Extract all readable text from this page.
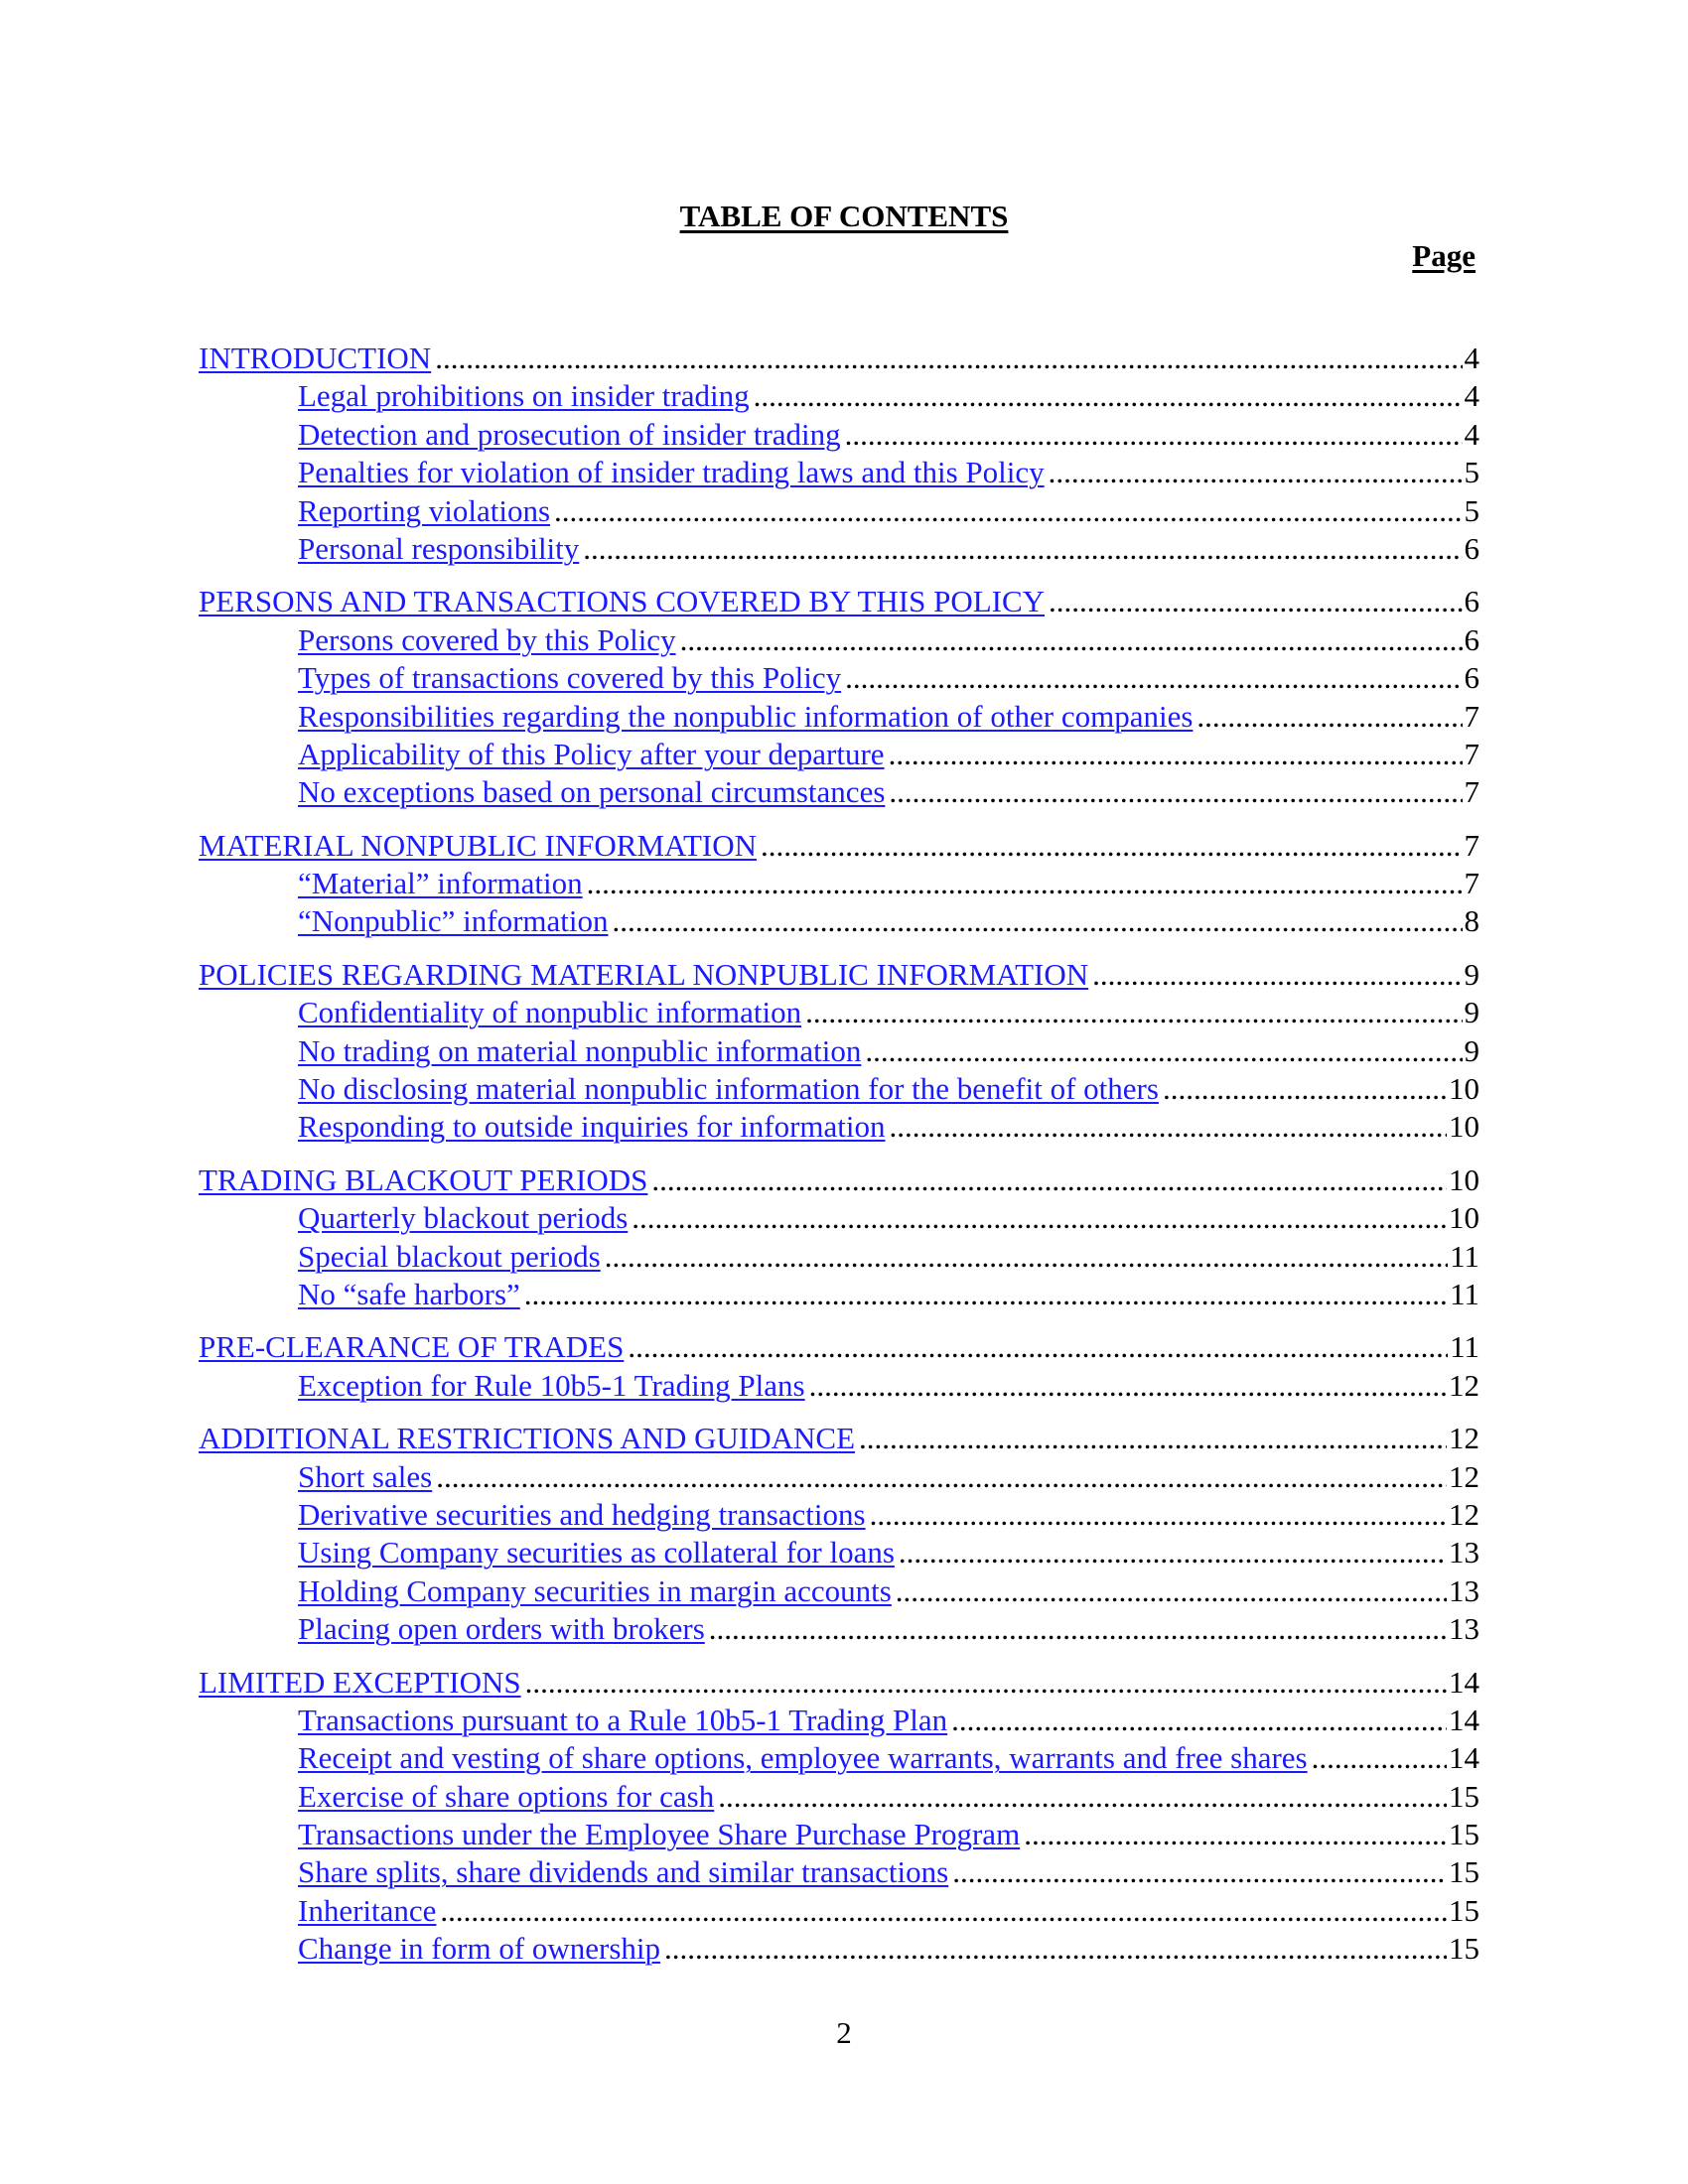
TABLE OF CONTENTS
Page
INTRODUCTION .....	4
Legal prohibitions on insider trading .....	4
Detection and prosecution of insider trading .....	4
Penalties for violation of insider trading laws and this Policy .....	5
Reporting violations .....	5
Personal responsibility .....	6
PERSONS AND TRANSACTIONS COVERED BY THIS POLICY .....	6
Persons covered by this Policy .....	6
Types of transactions covered by this Policy .....	6
Responsibilities regarding the nonpublic information of other companies .....	7
Applicability of this Policy after your departure .....	7
No exceptions based on personal circumstances .....	7
MATERIAL NONPUBLIC INFORMATION .....	7
“Material” information .....	7
“Nonpublic” information .....	8
POLICIES REGARDING MATERIAL NONPUBLIC INFORMATION .....	9
Confidentiality of nonpublic information .....	9
No trading on material nonpublic information .....	9
No disclosing material nonpublic information for the benefit of others .....	10
Responding to outside inquiries for information .....	10
TRADING BLACKOUT PERIODS .....	10
Quarterly blackout periods .....	10
Special blackout periods .....	11
No “safe harbors” .....	11
PRE-CLEARANCE OF TRADES .....	11
Exception for Rule 10b5-1 Trading Plans .....	12
ADDITIONAL RESTRICTIONS AND GUIDANCE .....	12
Short sales .....	12
Derivative securities and hedging transactions .....	12
Using Company securities as collateral for loans .....	13
Holding Company securities in margin accounts .....	13
Placing open orders with brokers .....	13
LIMITED EXCEPTIONS .....	14
Transactions pursuant to a Rule 10b5-1 Trading Plan .....	14
Receipt and vesting of share options, employee warrants, warrants and free shares .....	14
Exercise of share options for cash .....	15
Transactions under the Employee Share Purchase Program .....	15
Share splits, share dividends and similar transactions .....	15
Inheritance .....	15
Change in form of ownership .....	15
2
